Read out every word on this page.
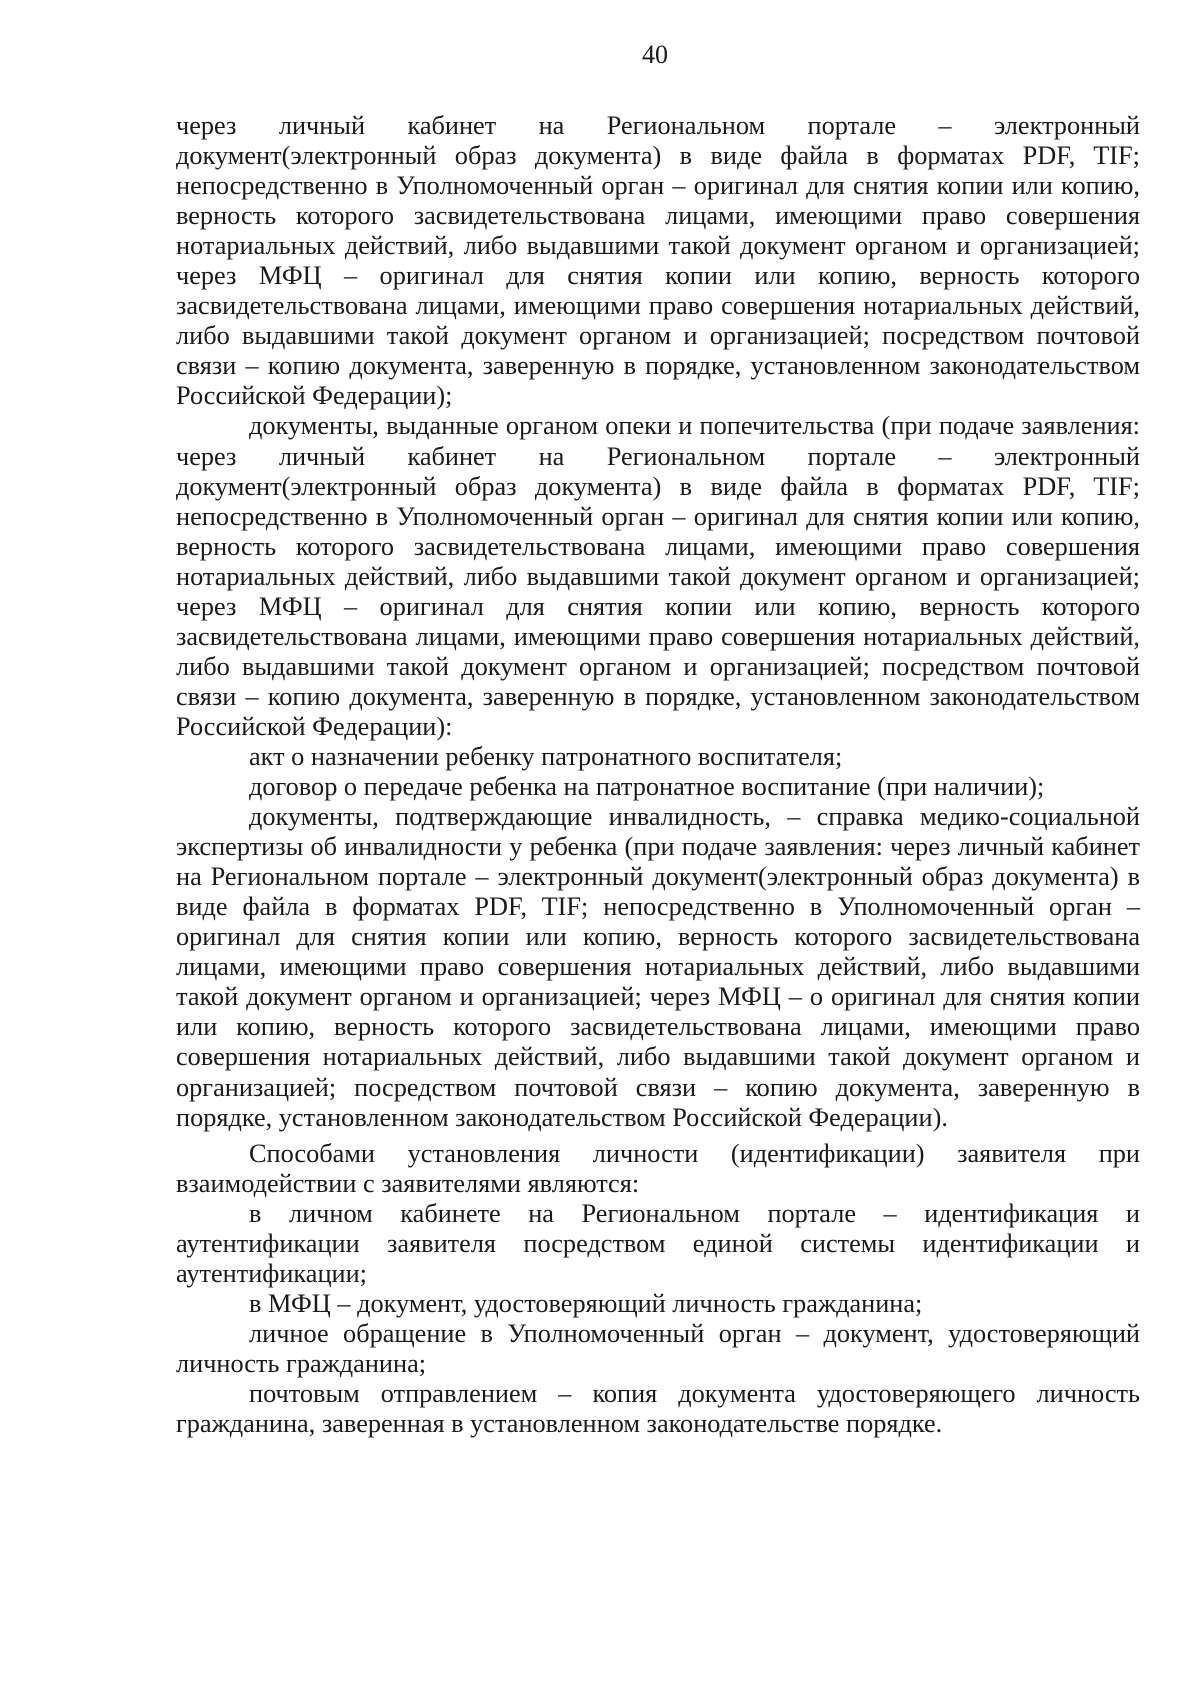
40

через личный кабинет на Региональном портале – электронный документ(электронный образ документа) в виде файла в форматах PDF, TIF; непосредственно в Уполномоченный орган – оригинал для снятия копии или копию, верность которого засвидетельствована лицами, имеющими право совершения нотариальных действий, либо выдавшими такой документ органом и организацией; через МФЦ – оригинал для снятия копии или копию, верность которого засвидетельствована лицами, имеющими право совершения нотариальных действий, либо выдавшими такой документ органом и организацией; посредством почтовой связи – копию документа, заверенную в порядке, установленном законодательством Российской Федерации);

документы, выданные органом опеки и попечительства (при подаче заявления: через личный кабинет на Региональном портале – электронный документ(электронный образ документа) в виде файла в форматах PDF, TIF; непосредственно в Уполномоченный орган – оригинал для снятия копии или копию, верность которого засвидетельствована лицами, имеющими право совершения нотариальных действий, либо выдавшими такой документ органом и организацией; через МФЦ – оригинал для снятия копии или копию, верность которого засвидетельствована лицами, имеющими право совершения нотариальных действий, либо выдавшими такой документ органом и организацией; посредством почтовой связи – копию документа, заверенную в порядке, установленном законодательством Российской Федерации):

акт о назначении ребенку патронатного воспитателя;

договор о передаче ребенка на патронатное воспитание (при наличии);

документы, подтверждающие инвалидность, – справка медико-социальной экспертизы об инвалидности у ребенка (при подаче заявления: через личный кабинет на Региональном портале – электронный документ(электронный образ документа) в виде файла в форматах PDF, TIF; непосредственно в Уполномоченный орган – оригинал для снятия копии или копию, верность которого засвидетельствована лицами, имеющими право совершения нотариальных действий, либо выдавшими такой документ органом и организацией; через МФЦ – о оригинал для снятия копии или копию, верность которого засвидетельствована лицами, имеющими право совершения нотариальных действий, либо выдавшими такой документ органом и организацией; посредством почтовой связи – копию документа, заверенную в порядке, установленном законодательством Российской Федерации).

Способами установления личности (идентификации) заявителя при взаимодействии с заявителями являются:

в личном кабинете на Региональном портале – идентификация и аутентификации заявителя посредством единой системы идентификации и аутентификации;

в МФЦ – документ, удостоверяющий личность гражданина;

личное обращение в Уполномоченный орган – документ, удостоверяющий личность гражданина;

почтовым отправлением – копия документа удостоверяющего личность гражданина, заверенная в установленном законодательстве порядке.
